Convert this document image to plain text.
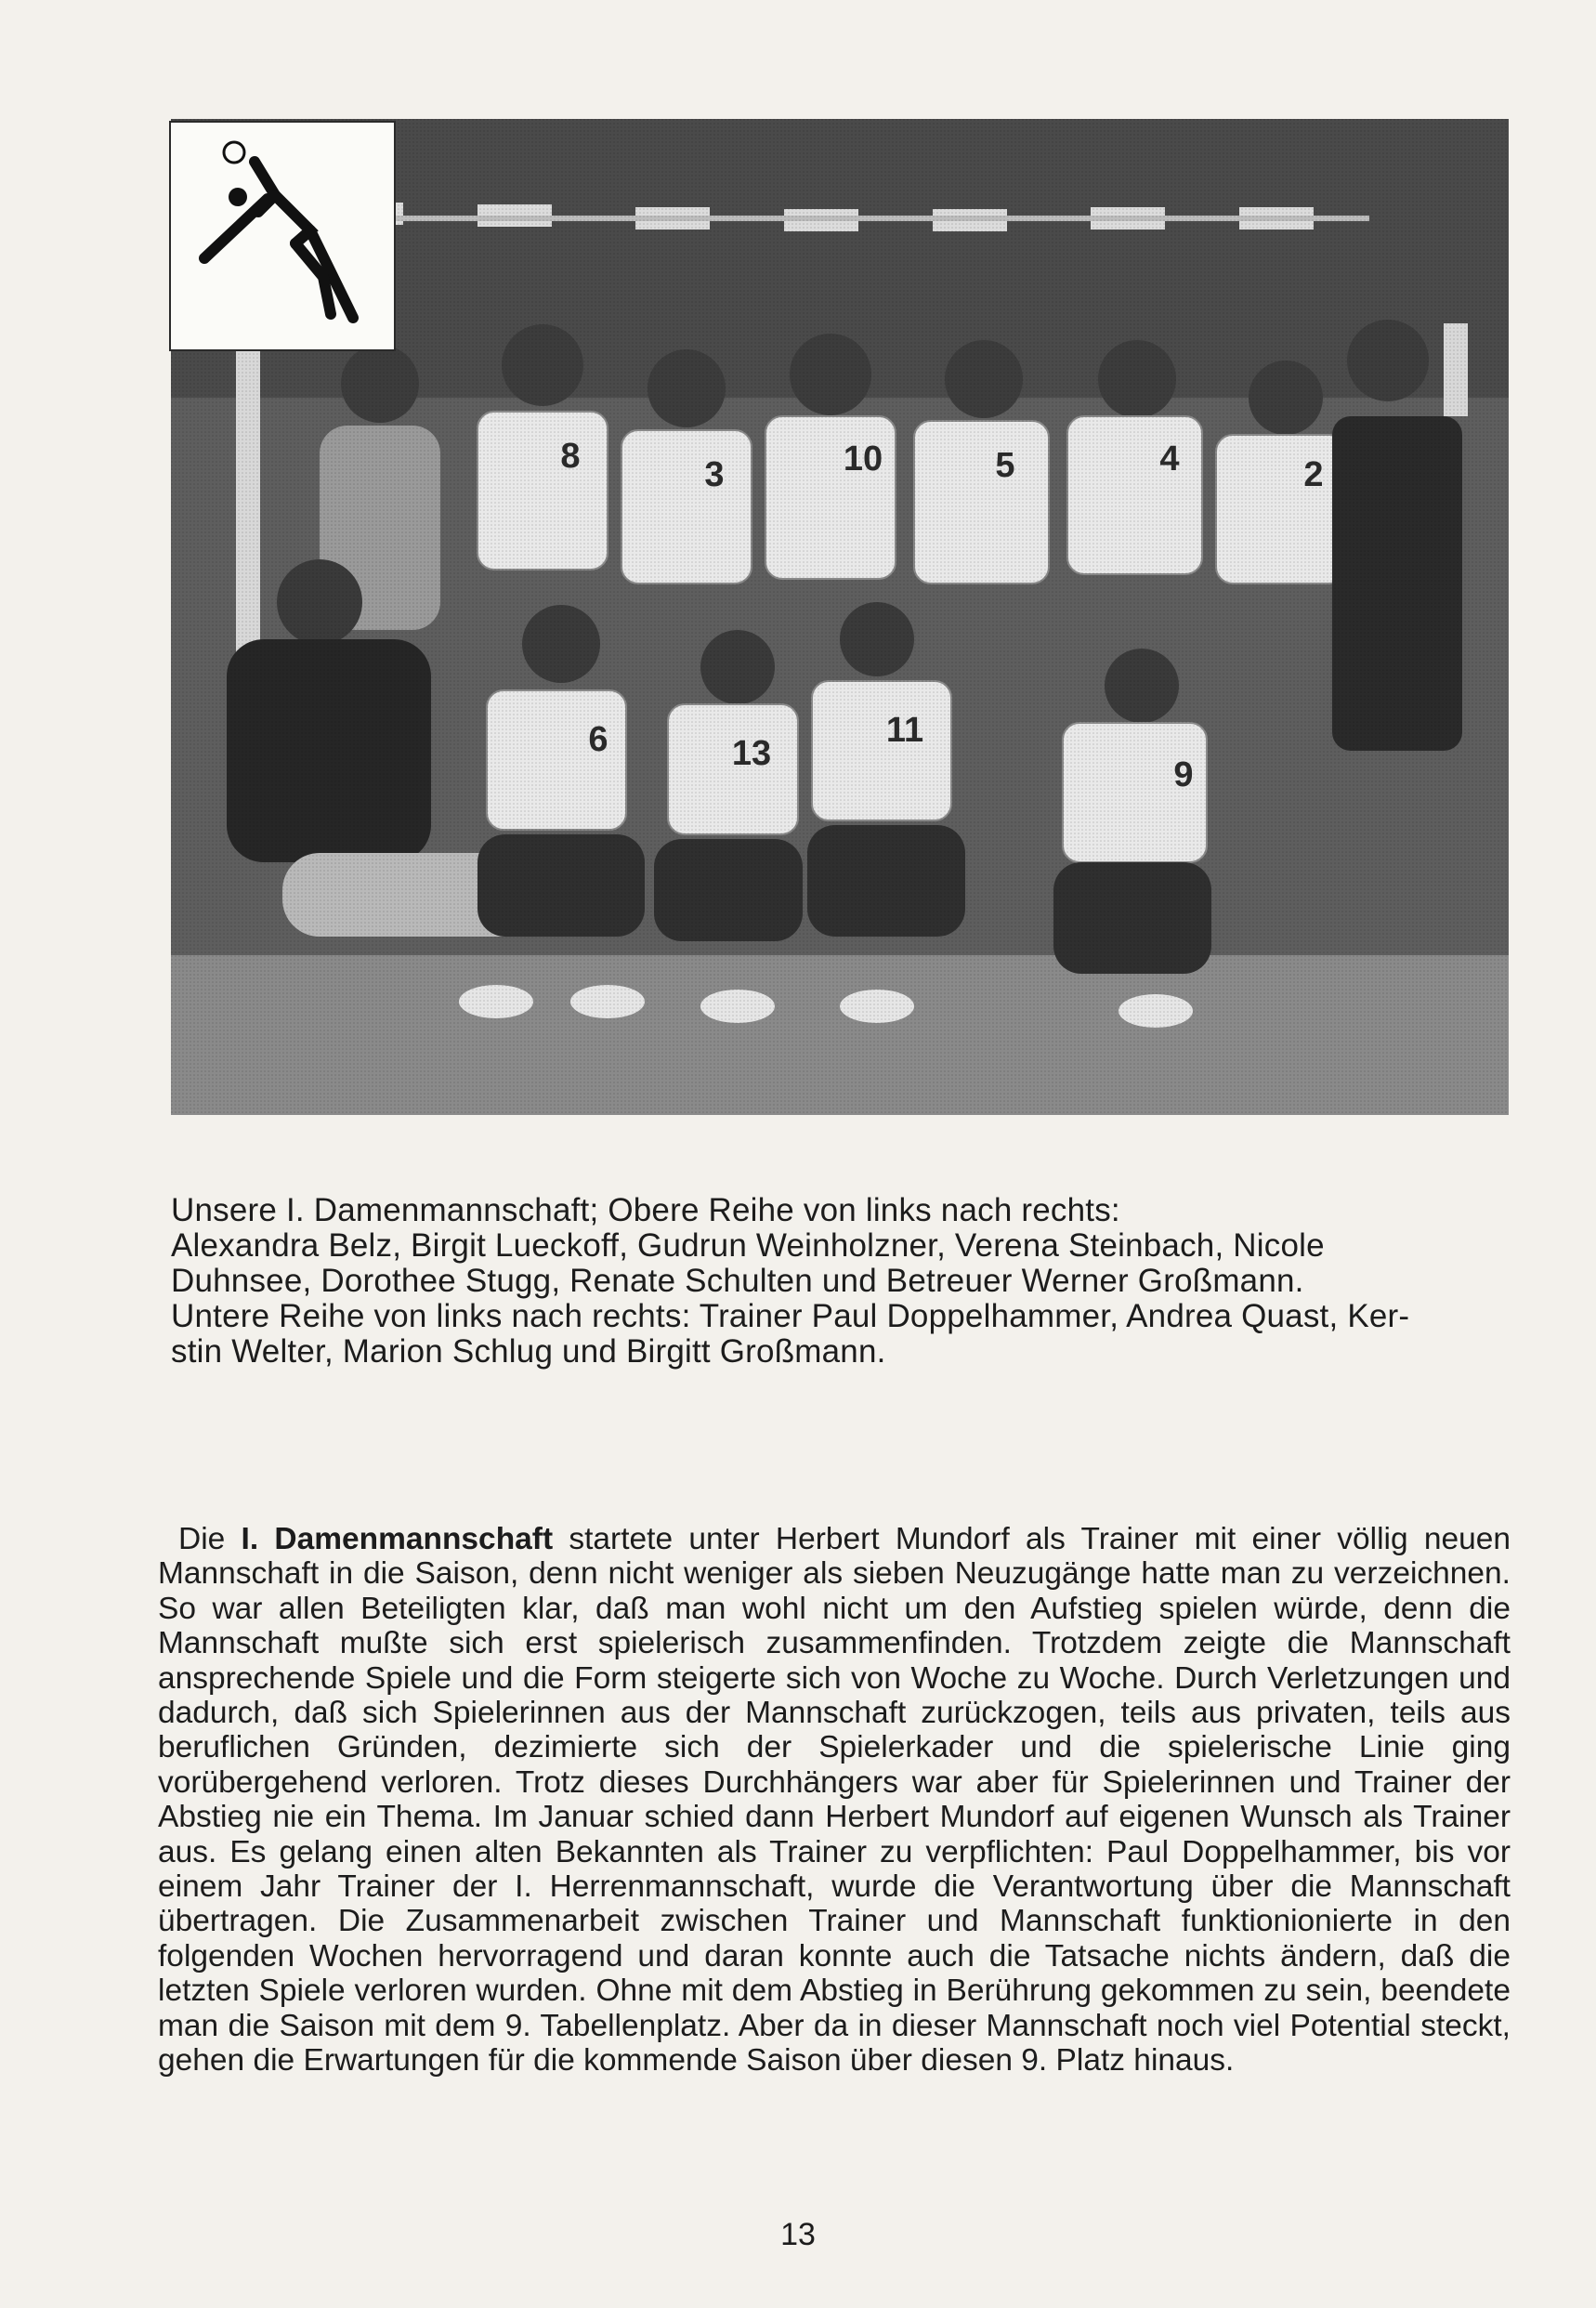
Unsere I. Damenmannschaft; Obere Reihe von links nach rechts:

Alexandra Belz, Birgit Lueckoff, Gudrun Weinholzner, Verena Steinbach, Nicole

Duhnsee, Dorothee Stugg, Renate Schulten und Betreuer Werner Großmann.

Untere Reihe von links nach rechts: Trainer Paul Doppelhammer, Andrea Quast, Ker-

stin Welter, Marion Schlug und Birgitt Großmann.

Die I. Damenmannschaft startete unter Herbert Mundorf als Trainer mit einer völlig neuen Mannschaft in die Saison, denn nicht weniger als sieben Neuzugänge hatte man zu verzeichnen. So war allen Beteiligten klar, daß man wohl nicht um den Aufstieg spielen würde, denn die Mannschaft mußte sich erst spielerisch zusammenfinden. Trotzdem zeigte die Mannschaft ansprechende Spiele und die Form steigerte sich von Woche zu Woche. Durch Verletzungen und dadurch, daß sich Spielerinnen aus der Mannschaft zurückzogen, teils aus privaten, teils aus beruflichen Gründen, dezimierte sich der Spielerkader und die spielerische Linie ging vorübergehend verloren. Trotz dieses Durchhängers war aber für Spielerinnen und Trainer der Abstieg nie ein Thema. Im Januar schied dann Herbert Mundorf auf eigenen Wunsch als Trainer aus. Es gelang einen alten Bekannten als Trainer zu verpflichten: Paul Doppelhammer, bis vor einem Jahr Trainer der I. Herrenmannschaft, wurde die Verantwortung über die Mannschaft übertragen. Die Zusammenarbeit zwischen Trainer und Mannschaft funktionionierte in den folgenden Wochen hervorragend und daran konnte auch die Tatsache nichts ändern, daß die letzten Spiele verloren wurden. Ohne mit dem Abstieg in Berührung gekommen zu sein, beendete man die Saison mit dem 9. Tabellenplatz. Aber da in dieser Mannschaft noch viel Potential steckt, gehen die Erwartungen für die kommende Saison über diesen 9. Platz hinaus.

13
